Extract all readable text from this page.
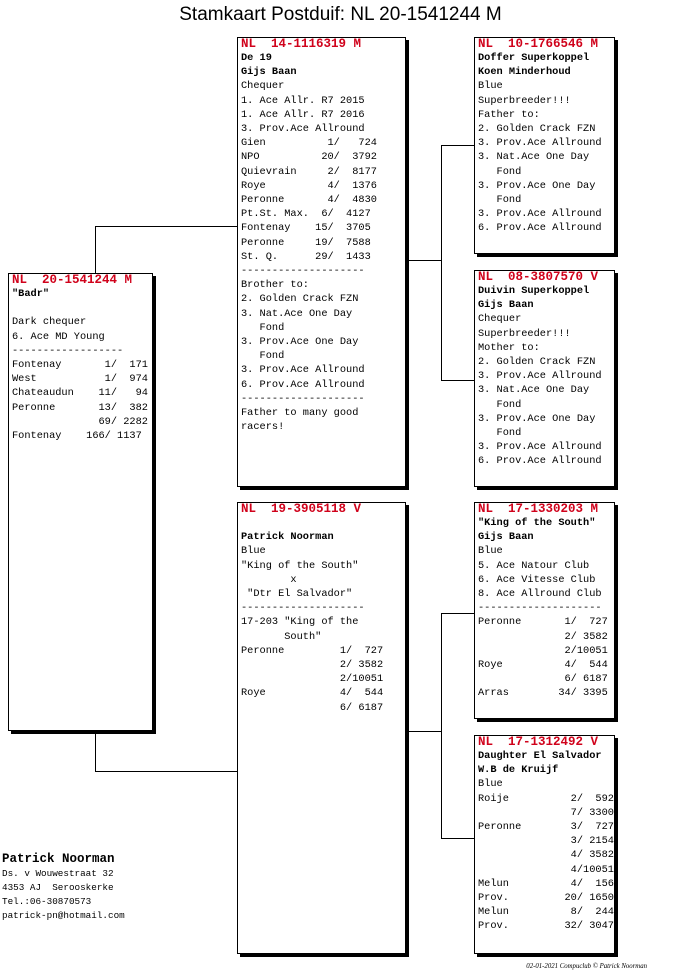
Stamkaart Postduif: NL 20-1541244 M
NL  20-1541244 M
"Badr"

Dark chequer
6. Ace MD Young
------------------
Fontenay       1/  171
West           1/  974
Chateaudun    11/   94
Peronne       13/  382
69/ 2282
Fontenay    166/ 1137
NL  14-1116319 M
De 19
Gijs Baan
Chequer
1. Ace Allr. R7 2015
1. Ace Allr. R7 2016
3. Prov.Ace Allround
Gien          1/   724
NPO          20/  3792
Quievrain     2/  8177
Roye          4/  1376
Peronne       4/  4830
Pt.St. Max.  6/  4127
Fontenay    15/  3705
Peronne     19/  7588
St. Q.      29/  1433
--------------------
Brother to:
2. Golden Crack FZN
3. Nat.Ace One Day
Fond
3. Prov.Ace One Day
Fond
3. Prov.Ace Allround
6. Prov.Ace Allround
--------------------
Father to many good
racers!
NL  19-3905118 V

Patrick Noorman
Blue
"King of the South"
x
"Dtr El Salvador"
--------------------
17-203 "King of the
South"
Peronne         1/  727
2/ 3582
2/10051
Roye            4/  544
6/ 6187
NL  10-1766546 M
Doffer Superkoppel
Koen Minderhoud
Blue
Superbreeder!!!
Father to:
2. Golden Crack FZN
3. Prov.Ace Allround
3. Nat.Ace One Day
Fond
3. Prov.Ace One Day
Fond
3. Prov.Ace Allround
6. Prov.Ace Allround
NL  08-3807570 V
Duivin Superkoppel
Gijs Baan
Chequer
Superbreeder!!!
Mother to:
2. Golden Crack FZN
3. Prov.Ace Allround
3. Nat.Ace One Day
Fond
3. Prov.Ace One Day
Fond
3. Prov.Ace Allround
6. Prov.Ace Allround
NL  17-1330203 M
"King of the South"
Gijs Baan
Blue
5. Ace Natour Club
6. Ace Vitesse Club
8. Ace Allround Club
--------------------
Peronne       1/  727
2/ 3582
2/10051
Roye          4/  544
6/ 6187
Arras        34/ 3395
NL  17-1312492 V
Daughter El Salvador
W.B de Kruijf
Blue
Roije          2/  592
7/ 3300
Peronne        3/  727
3/ 2154
4/ 3582
4/10051
Melun          4/  156
Prov.         20/ 1650
Melun          8/  244
Prov.         32/ 3047
Patrick Noorman
Ds. v Wouwestraat 32
4353 AJ  Serooskerke
Tel.:06-30870573
patrick-pn@hotmail.com
02-01-2021 Compuclub © Patrick Noorman
